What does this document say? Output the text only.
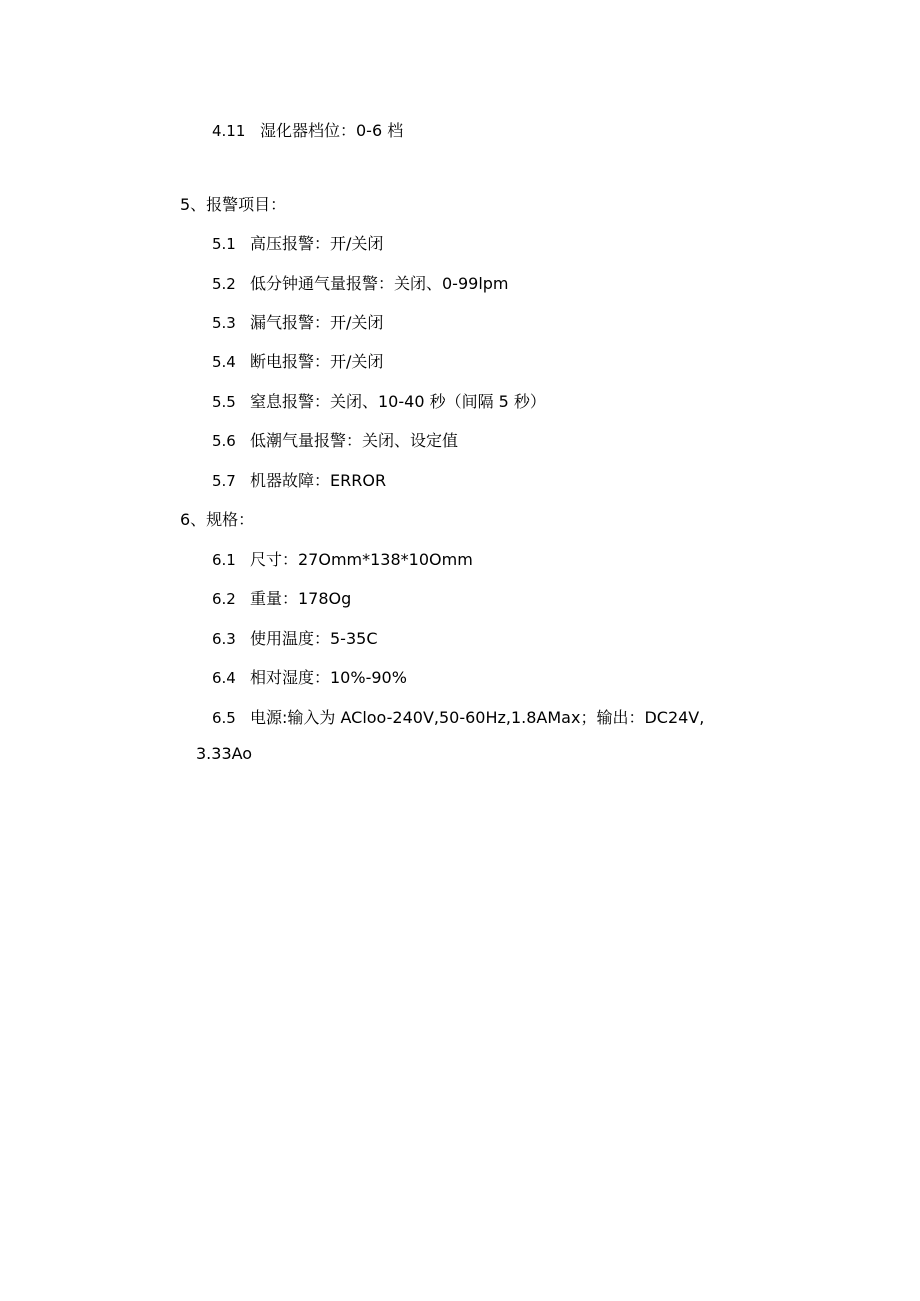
4.11 湿化器档位：0-6 档
5、报警项目：
5.1 高压报警：开/关闭
5.2 低分钟通气量报警：关闭、0-99lpm
5.3 漏气报警：开/关闭
5.4 断电报警：开/关闭
5.5 窒息报警：关闭、10-40 秒（间隔 5 秒）
5.6 低潮气量报警：关闭、设定值
5.7 机器故障：ERROR
6、规格：
6.1 尺寸：27Omm*138*10Omm
6.2 重量：178Og
6.3 使用温度：5-35C
6.4 相对湿度：10%-90%
6.5 电源:输入为 ACloo-240V,50-60Hz,1.8AMax；输出：DC24V,
3.33Ao
